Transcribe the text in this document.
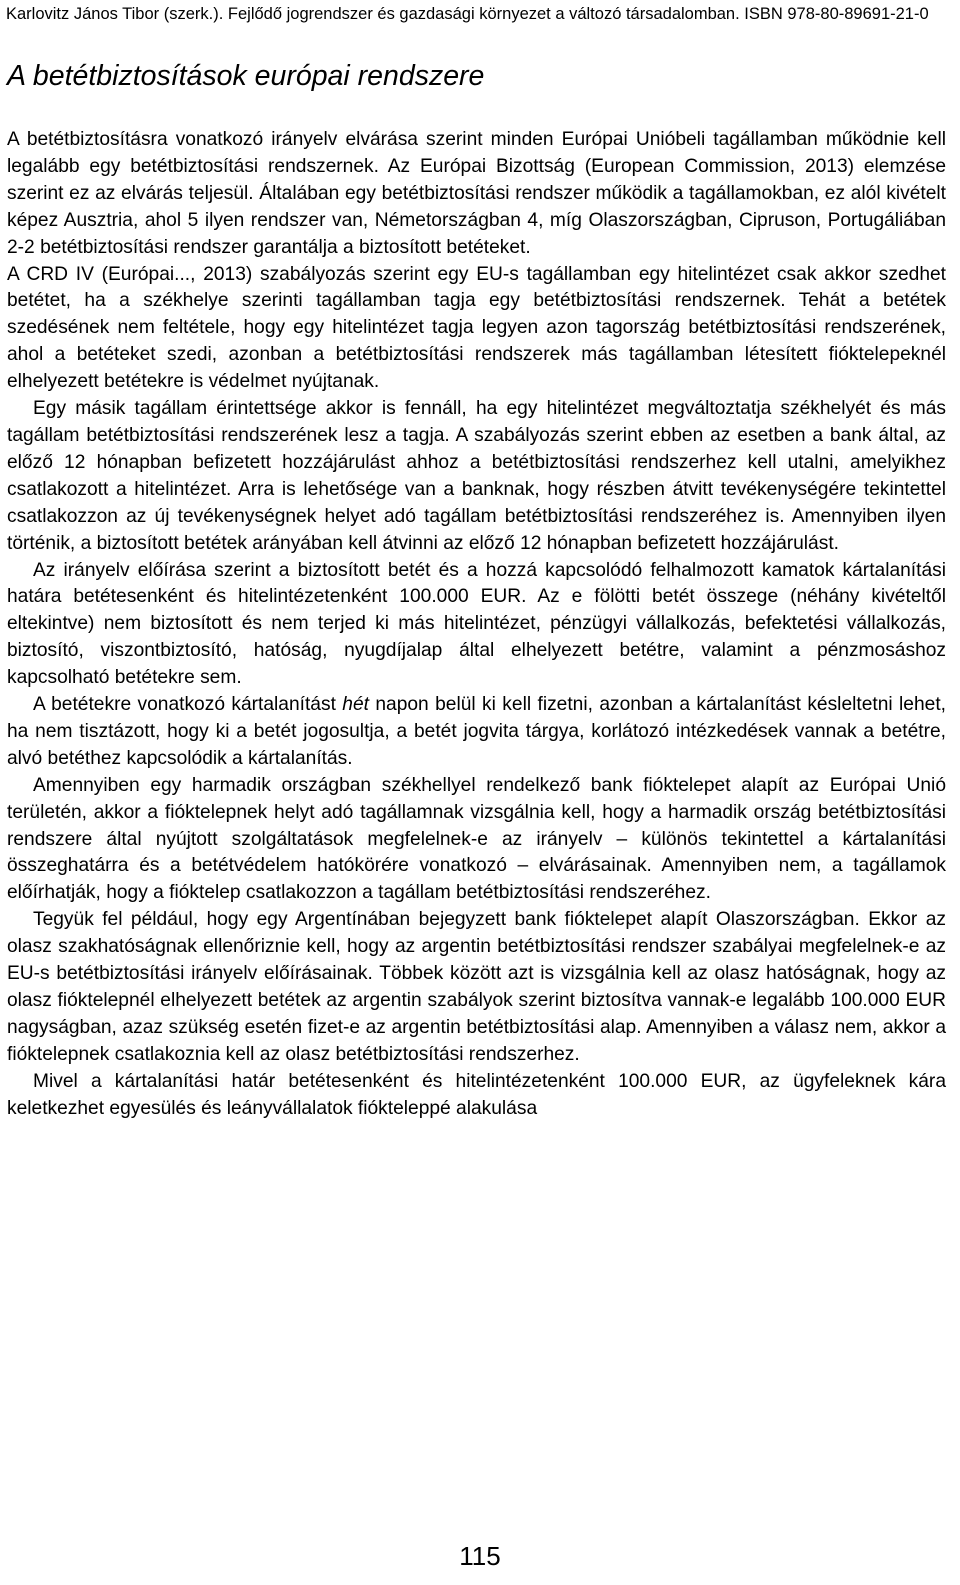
Karlovitz János Tibor (szerk.). Fejlődő jogrendszer és gazdasági környezet a változó társadalomban. ISBN 978-80-89691-21-0
A betétbiztosítások európai rendszere

A betétbiztosításra vonatkozó irányelv elvárása szerint minden Európai Unióbeli tagállamban működnie kell legalább egy betétbiztosítási rendszernek. Az Európai Bizottság (European Commission, 2013) elemzése szerint ez az elvárás teljesül. Általában egy betétbiztosítási rendszer működik a tagállamokban, ez alól kivételt képez Ausztria, ahol 5 ilyen rendszer van, Németországban 4, míg Olaszországban, Cipruson, Portugáliában 2-2 betétbiztosítási rendszer garantálja a biztosított betéteket.

A CRD IV (Európai..., 2013) szabályozás szerint egy EU-s tagállamban egy hitelintézet csak akkor szedhet betétet, ha a székhelye szerinti tagállamban tagja egy betétbiztosítási rendszernek. Tehát a betétek szedésének nem feltétele, hogy egy hitelintézet tagja legyen azon tagország betétbiztosítási rendszerének, ahol a betéteket szedi, azonban a betétbiztosítási rendszerek más tagállamban létesített fióktelepeknél elhelyezett betétekre is védelmet nyújtanak.

Egy másik tagállam érintettsége akkor is fennáll, ha egy hitelintézet megváltoztatja székhelyét és más tagállam betétbiztosítási rendszerének lesz a tagja. A szabályozás szerint ebben az esetben a bank által, az előző 12 hónapban befizetett hozzájárulást ahhoz a betétbiztosítási rendszerhez kell utalni, amelyikhez csatlakozott a hitelintézet. Arra is lehetősége van a banknak, hogy részben átvitt tevékenységére tekintettel csatlakozzon az új tevékenységnek helyet adó tagállam betétbiztosítási rendszeréhez is. Amennyiben ilyen történik, a biztosított betétek arányában kell átvinni az előző 12 hónapban befizetett hozzájárulást.

Az irányelv előírása szerint a biztosított betét és a hozzá kapcsolódó felhalmozott kamatok kártalanítási határa betétesenként és hitelintézetenként 100.000 EUR. Az e fölötti betét összege (néhány kivételtől eltekintve) nem biztosított és nem terjed ki más hitelintézet, pénzügyi vállalkozás, befektetési vállalkozás, biztosító, viszontbiztosító, hatóság, nyugdíjalap által elhelyezett betétre, valamint a pénzmosáshoz kapcsolható betétekre sem.

A betétekre vonatkozó kártalanítást hét napon belül ki kell fizetni, azonban a kártalanítást késleltetni lehet, ha nem tisztázott, hogy ki a betét jogosultja, a betét jogvita tárgya, korlátozó intézkedések vannak a betétre, alvó betéthez kapcsolódik a kártalanítás.

Amennyiben egy harmadik országban székhellyel rendelkező bank fióktelepet alapít az Európai Unió területén, akkor a fióktelepnek helyt adó tagállamnak vizsgálnia kell, hogy a harmadik ország betétbiztosítási rendszere által nyújtott szolgáltatások megfelelnek-e az irányelv – különös tekintettel a kártalanítási összeghatárra és a betétvédelem hatókörére vonatkozó – elvárásainak. Amennyiben nem, a tagállamok előírhatják, hogy a fióktelep csatlakozzon a tagállam betétbiztosítási rendszeréhez.

Tegyük fel például, hogy egy Argentínában bejegyzett bank fióktelepet alapít Olaszországban. Ekkor az olasz szakhatóságnak ellenőriznie kell, hogy az argentin betétbiztosítási rendszer szabályai megfelelnek-e az EU-s betétbiztosítási irányelv előírásainak. Többek között azt is vizsgálnia kell az olasz hatóságnak, hogy az olasz fióktelepnél elhelyezett betétek az argentin szabályok szerint biztosítva vannak-e legalább 100.000 EUR nagyságban, azaz szükség esetén fizet-e az argentin betétbiztosítási alap. Amennyiben a válasz nem, akkor a fióktelepnek csatlakoznia kell az olasz betétbiztosítási rendszerhez.

Mivel a kártalanítási határ betétesenként és hitelintézetenként 100.000 EUR, az ügyfeleknek kára keletkezhet egyesülés és leányvállalatok fiókteleppé alakulása

115
